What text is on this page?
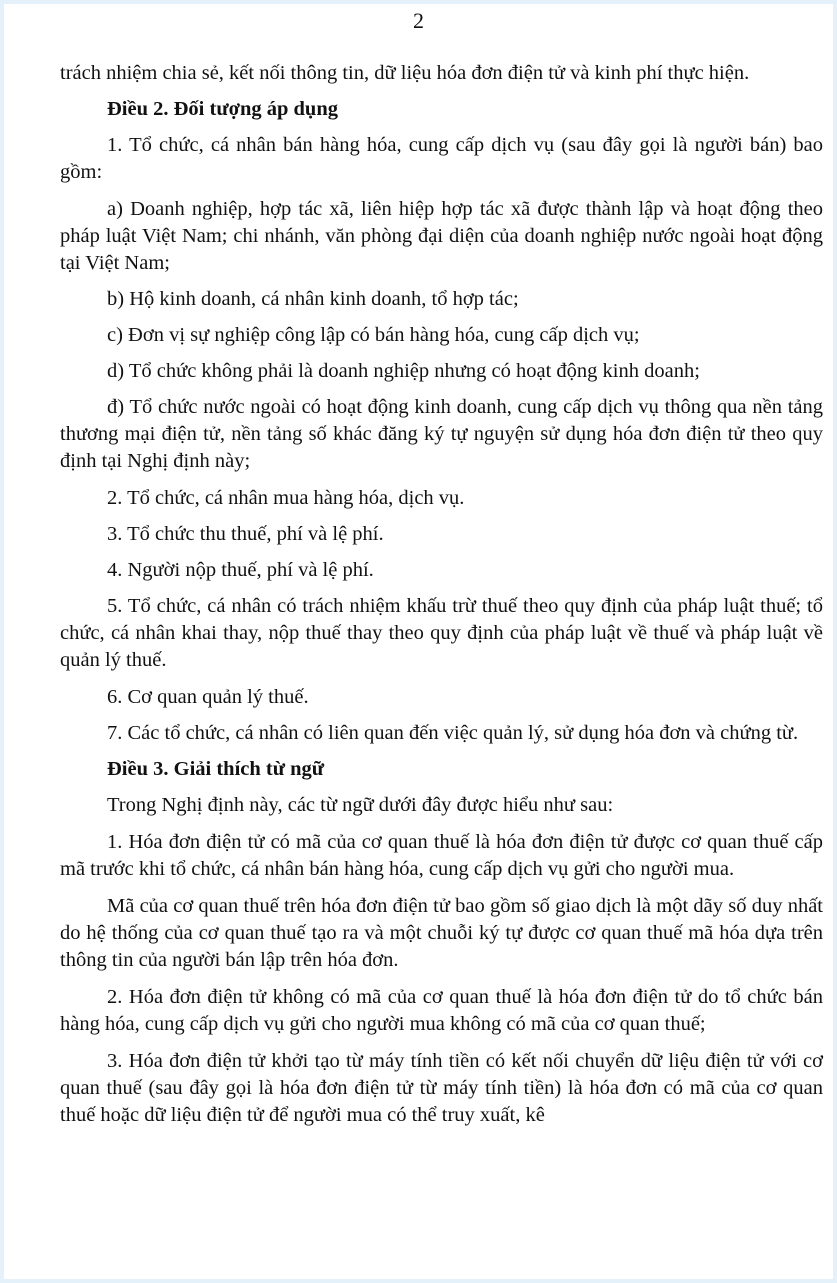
2

trách nhiệm chia sẻ, kết nối thông tin, dữ liệu hóa đơn điện tử và kinh phí thực hiện.

Điều 2. Đối tượng áp dụng

1. Tổ chức, cá nhân bán hàng hóa, cung cấp dịch vụ (sau đây gọi là người bán) bao gồm:

a) Doanh nghiệp, hợp tác xã, liên hiệp hợp tác xã được thành lập và hoạt động theo pháp luật Việt Nam; chi nhánh, văn phòng đại diện của doanh nghiệp nước ngoài hoạt động tại Việt Nam;

b) Hộ kinh doanh, cá nhân kinh doanh, tổ hợp tác;

c) Đơn vị sự nghiệp công lập có bán hàng hóa, cung cấp dịch vụ;

d) Tổ chức không phải là doanh nghiệp nhưng có hoạt động kinh doanh;

đ) Tổ chức nước ngoài có hoạt động kinh doanh, cung cấp dịch vụ thông qua nền tảng thương mại điện tử, nền tảng số khác đăng ký tự nguyện sử dụng hóa đơn điện tử theo quy định tại Nghị định này;

2. Tổ chức, cá nhân mua hàng hóa, dịch vụ.

3. Tổ chức thu thuế, phí và lệ phí.

4. Người nộp thuế, phí và lệ phí.

5. Tổ chức, cá nhân có trách nhiệm khấu trừ thuế theo quy định của pháp luật thuế; tổ chức, cá nhân khai thay, nộp thuế thay theo quy định của pháp luật về thuế và pháp luật về quản lý thuế.

6. Cơ quan quản lý thuế.

7. Các tổ chức, cá nhân có liên quan đến việc quản lý, sử dụng hóa đơn và chứng từ.

Điều 3. Giải thích từ ngữ

Trong Nghị định này, các từ ngữ dưới đây được hiểu như sau:

1. Hóa đơn điện tử có mã của cơ quan thuế là hóa đơn điện tử được cơ quan thuế cấp mã trước khi tổ chức, cá nhân bán hàng hóa, cung cấp dịch vụ gửi cho người mua.

Mã của cơ quan thuế trên hóa đơn điện tử bao gồm số giao dịch là một dãy số duy nhất do hệ thống của cơ quan thuế tạo ra và một chuỗi ký tự được cơ quan thuế mã hóa dựa trên thông tin của người bán lập trên hóa đơn.

2. Hóa đơn điện tử không có mã của cơ quan thuế là hóa đơn điện tử do tổ chức bán hàng hóa, cung cấp dịch vụ gửi cho người mua không có mã của cơ quan thuế;

3. Hóa đơn điện tử khởi tạo từ máy tính tiền có kết nối chuyển dữ liệu điện tử với cơ quan thuế (sau đây gọi là hóa đơn điện tử từ máy tính tiền) là hóa đơn có mã của cơ quan thuế hoặc dữ liệu điện tử để người mua có thể truy xuất, kê
